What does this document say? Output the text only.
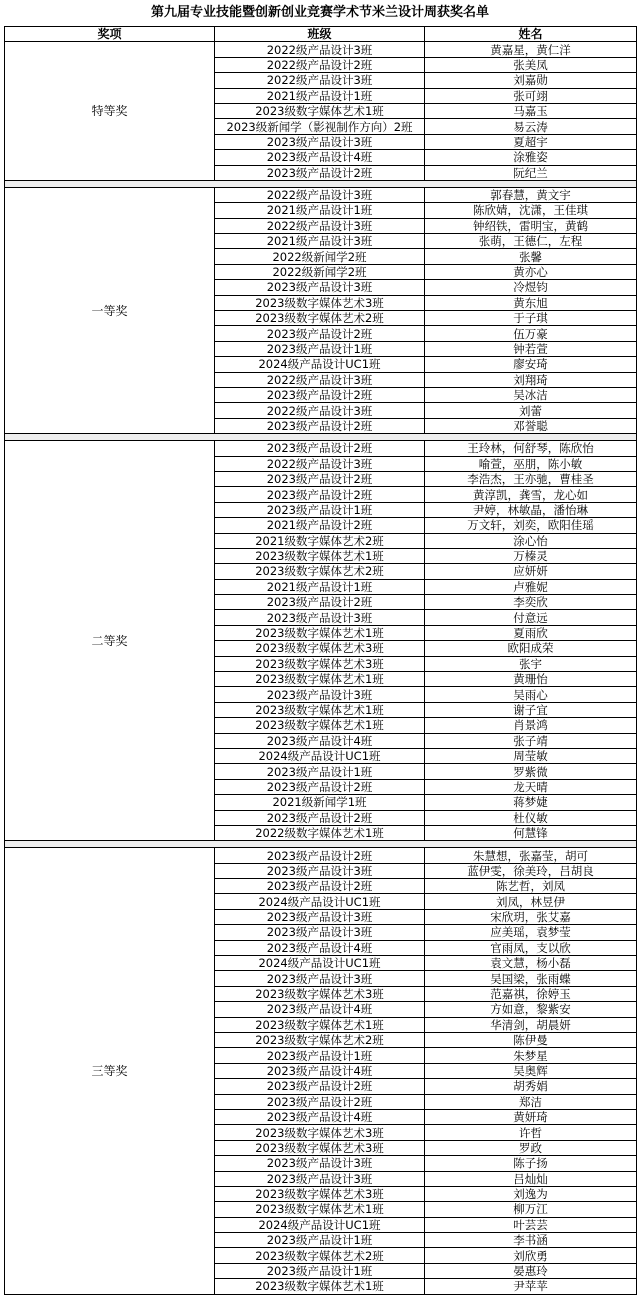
第九届专业技能暨创新创业竞赛学术节米兰设计周获奖名单
奖项	班级	姓名
特等奖	2022级产品设计3班	黄嘉星，黄仁洋
	2022级产品设计2班	张美凤
	2022级产品设计3班	刘嘉勋
	2021级产品设计1班	张可翊
	2023级数字媒体艺术1班	马嘉玉
	2023级新闻学（影视制作方向）2班	易云涛
	2023级产品设计3班	夏超宇
	2023级产品设计4班	涂雅姿
	2023级产品设计2班	阮纪兰

一等奖	2022级产品设计3班	郭春慧，黄文宇
	2021级产品设计1班	陈欣婧，沈潇，王佳琪
	2022级产品设计3班	钟绍铁，雷明宝，黄鹤
	2021级产品设计3班	张萌，王德仁，左程
	2022级新闻学2班	张馨
	2022级新闻学2班	黄亦心
	2023级产品设计3班	冷煜钧
	2023级数字媒体艺术3班	黄东旭
	2023级数字媒体艺术2班	于子琪
	2023级产品设计2班	伍万豪
	2023级产品设计1班	钟若萱
	2024级产品设计UC1班	廖安琦
	2022级产品设计3班	刘翔琦
	2023级产品设计2班	吴冰洁
	2022级产品设计3班	刘蕾
	2023级产品设计2班	邓誉聪

二等奖	2023级产品设计2班	王玲林，何舒琴，陈欣怡
	2022级产品设计3班	喻萱，巫朋，陈小敏
	2023级产品设计2班	李浩杰，王亦驰，曹桂圣
	2023级产品设计2班	黄淳凯，龚雪，龙心如
	2023级产品设计1班	尹婷，林敏晶，潘怡琳
	2021级产品设计2班	万文轩，刘奕，欧阳佳瑶
	2021级数字媒体艺术2班	涂心怡
	2023级数字媒体艺术1班	万榛灵
	2023级数字媒体艺术2班	应妍妍
	2021级产品设计1班	卢雅妮
	2023级产品设计2班	李奕欣
	2023级产品设计3班	付意远
	2023级数字媒体艺术1班	夏雨欣
	2023级数字媒体艺术3班	欧阳成荣
	2023级数字媒体艺术3班	张宇
	2023级数字媒体艺术1班	黄珊怡
	2023级产品设计3班	吴雨心
	2023级数字媒体艺术1班	谢子宜
	2023级数字媒体艺术1班	肖景鸿
	2023级产品设计4班	张子靖
	2024级产品设计UC1班	周莹敏
	2023级产品设计1班	罗紫微
	2023级产品设计2班	龙天晴
	2021级新闻学1班	蒋梦婕
	2023级产品设计2班	杜仪敏
	2022级数字媒体艺术1班	何慧锋

三等奖	2023级产品设计2班	朱慧想，张嘉莹，胡可
	2023级产品设计3班	蓝伊雯，徐美玲，吕胡良
	2023级产品设计2班	陈艺哲，刘凤
	2024级产品设计UC1班	刘凤，林昱伊
	2023级产品设计3班	宋欣玥，张艾嘉
	2023级产品设计3班	应美瑶，袁梦莹
	2023级产品设计4班	官雨凤，支以欣
	2024级产品设计UC1班	袁文慧，杨小磊
	2023级产品设计3班	吴国梁，张雨蝶
	2023级数字媒体艺术3班	范嘉祺，徐婷玉
	2023级产品设计4班	方如意，黎紫安
	2023级数字媒体艺术1班	华清剑，胡晨妍
	2023级数字媒体艺术2班	陈伊曼
	2023级产品设计1班	朱梦星
	2023级产品设计4班	吴奥辉
	2023级产品设计2班	胡秀娟
	2023级产品设计2班	郑洁
	2023级产品设计4班	黄妍琦
	2023级数字媒体艺术3班	许哲
	2023级数字媒体艺术3班	罗政
	2023级产品设计3班	陈子扬
	2023级产品设计3班	吕灿灿
	2023级数字媒体艺术3班	刘逸为
	2023级数字媒体艺术1班	柳万江
	2024级产品设计UC1班	叶芸芸
	2023级产品设计1班	李书涵
	2023级数字媒体艺术2班	刘欣勇
	2023级产品设计1班	晏惠玲
	2023级数字媒体艺术1班	尹苹苹
